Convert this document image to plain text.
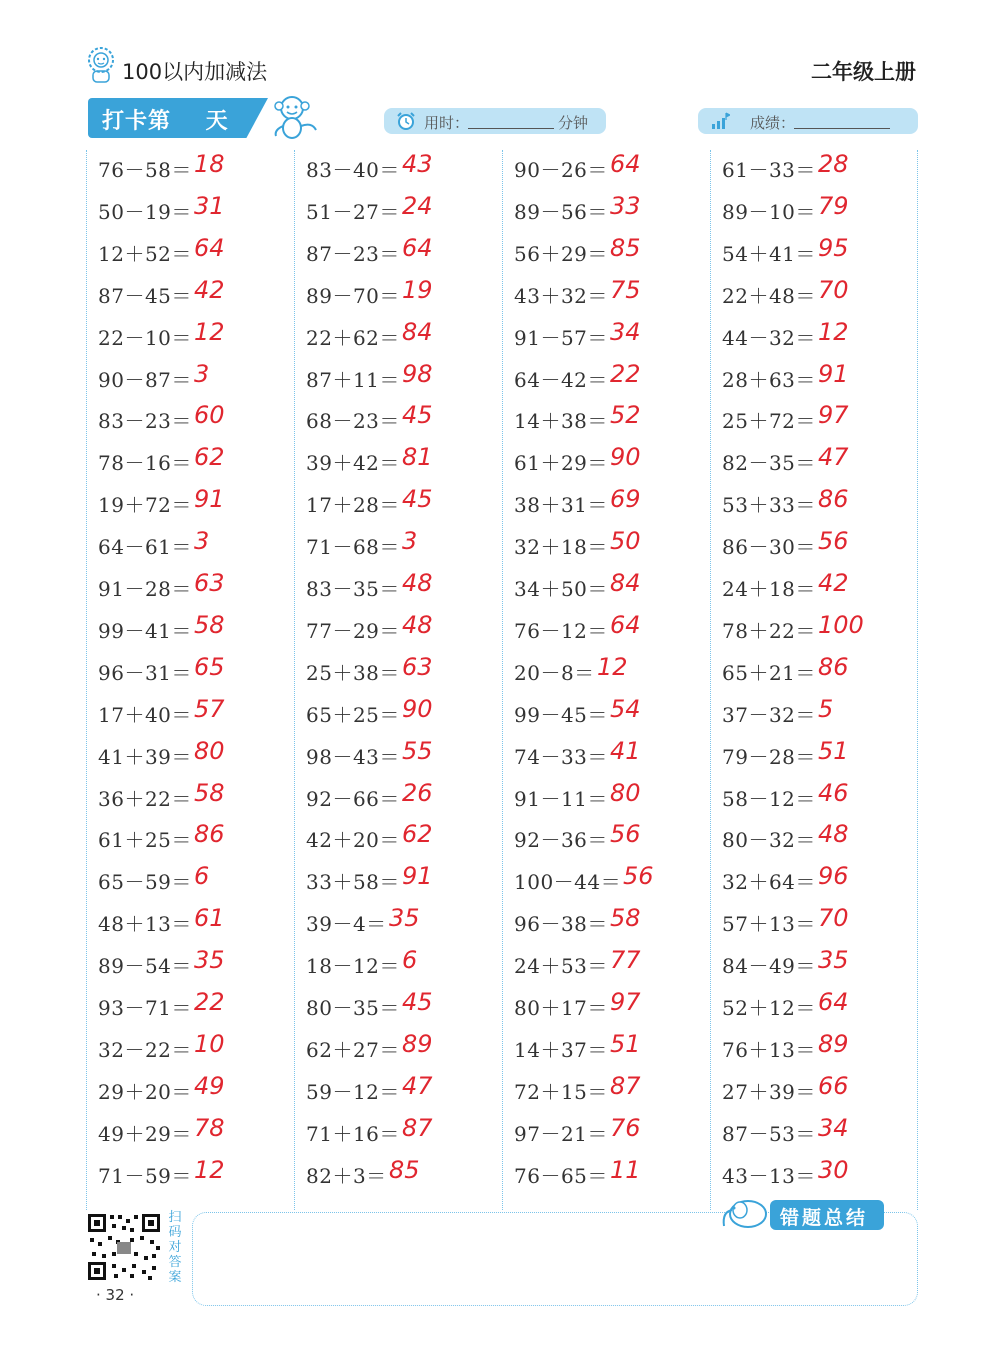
100以内加减法	二年级上册
打卡第    天	用时：	分钟	成绩：
76－58＝ 18
50－19＝ 31
12＋52＝ 64
87－45＝ 42
22－10＝ 12
90－87＝ 3
83－23＝ 60
78－16＝ 62
19＋72＝ 91
64－61＝ 3
91－28＝ 63
99－41＝ 58
96－31＝ 65
17＋40＝ 57
41＋39＝ 80
36＋22＝ 58
61＋25＝ 86
65－59＝ 6
48＋13＝ 61
89－54＝ 35
93－71＝ 22
32－22＝ 10
29＋20＝ 49
49＋29＝ 78
71－59＝ 12
83－40＝ 43
51－27＝ 24
87－23＝ 64
89－70＝ 19
22＋62＝ 84
87＋11＝ 98
68－23＝ 45
39＋42＝ 81
17＋28＝ 45
71－68＝ 3
83－35＝ 48
77－29＝ 48
25＋38＝ 63
65＋25＝ 90
98－43＝ 55
92－66＝ 26
42＋20＝ 62
33＋58＝ 91
39－4＝ 35
18－12＝ 6
80－35＝ 45
62＋27＝ 89
59－12＝ 47
71＋16＝ 87
82＋3＝ 85
90－26＝ 64
89－56＝ 33
56＋29＝ 85
43＋32＝ 75
91－57＝ 34
64－42＝ 22
14＋38＝ 52
61＋29＝ 90
38＋31＝ 69
32＋18＝ 50
34＋50＝ 84
76－12＝ 64
20－8＝ 12
99－45＝ 54
74－33＝ 41
91－11＝ 80
92－36＝ 56
100－44＝ 56
96－38＝ 58
24＋53＝ 77
80＋17＝ 97
14＋37＝ 51
72＋15＝ 87
97－21＝ 76
76－65＝ 11
61－33＝ 28
89－10＝ 79
54＋41＝ 95
22＋48＝ 70
44－32＝ 12
28＋63＝ 91
25＋72＝ 97
82－35＝ 47
53＋33＝ 86
86－30＝ 56
24＋18＝ 42
78＋22＝ 100
65＋21＝ 86
37－32＝ 5
79－28＝ 51
58－12＝ 46
80－32＝ 48
32＋64＝ 96
57＋13＝ 70
84－49＝ 35
52＋12＝ 64
76＋13＝ 89
27＋39＝ 66
87－53＝ 34
43－13＝ 30
扫码对答案
· 32 ·
错题总结
